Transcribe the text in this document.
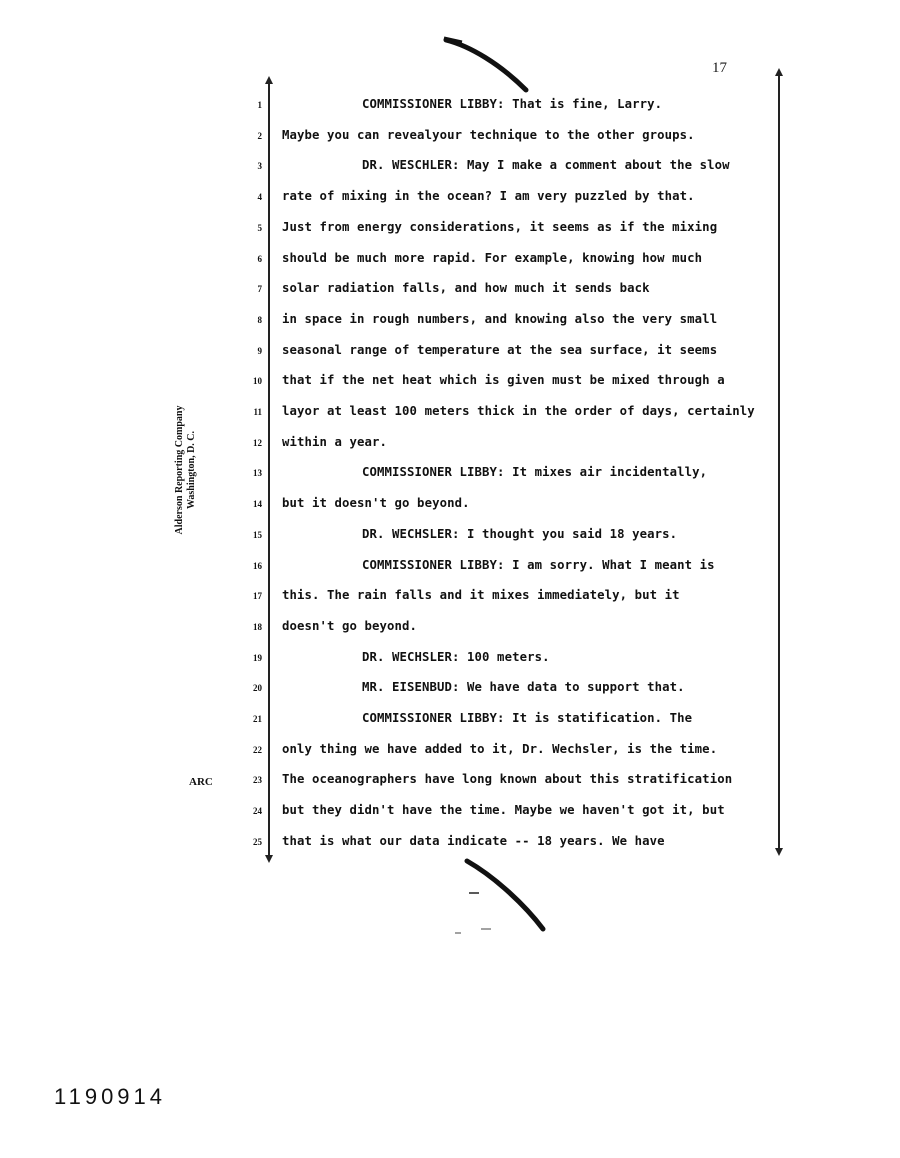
17
Alderson Reporting Company Washington, D. C.
ARC
1	COMMISSIONER LIBBY: That is fine, Larry.
2 Maybe you can revealyour technique to the other groups.
3	DR. WESCHLER: May I make a comment about the slow
4 rate of mixing in the ocean? I am very puzzled by that.
5 Just from energy considerations, it seems as if the mixing
6 should be much more rapid. For example, knowing how much
7 solar radiation falls, and how much it sends back
8 in space in rough numbers, and knowing also the very small
9 seasonal range of temperature at the sea surface, it seems
10 that if the net heat which is given must be mixed through a
11 layor at least 100 meters thick in the order of days, certainly
12 within a year.
13	COMMISSIONER LIBBY: It mixes air incidentally,
14 but it doesn't go beyond.
15	DR. WECHSLER: I thought you said 18 years.
16	COMMISSIONER LIBBY: I am sorry. What I meant is
17 this. The rain falls and it mixes immediately, but it
18 doesn't go beyond.
19	DR. WECHSLER: 100 meters.
20	MR. EISENBUD: We have data to support that.
21	COMMISSIONER LIBBY: It is statification. The
22 only thing we have added to it, Dr. Wechsler, is the time.
23 The oceanographers have long known about this stratification
24 but they didn't have the time. Maybe we haven't got it, but
25 that is what our data indicate -- 18 years. We have
1190914
